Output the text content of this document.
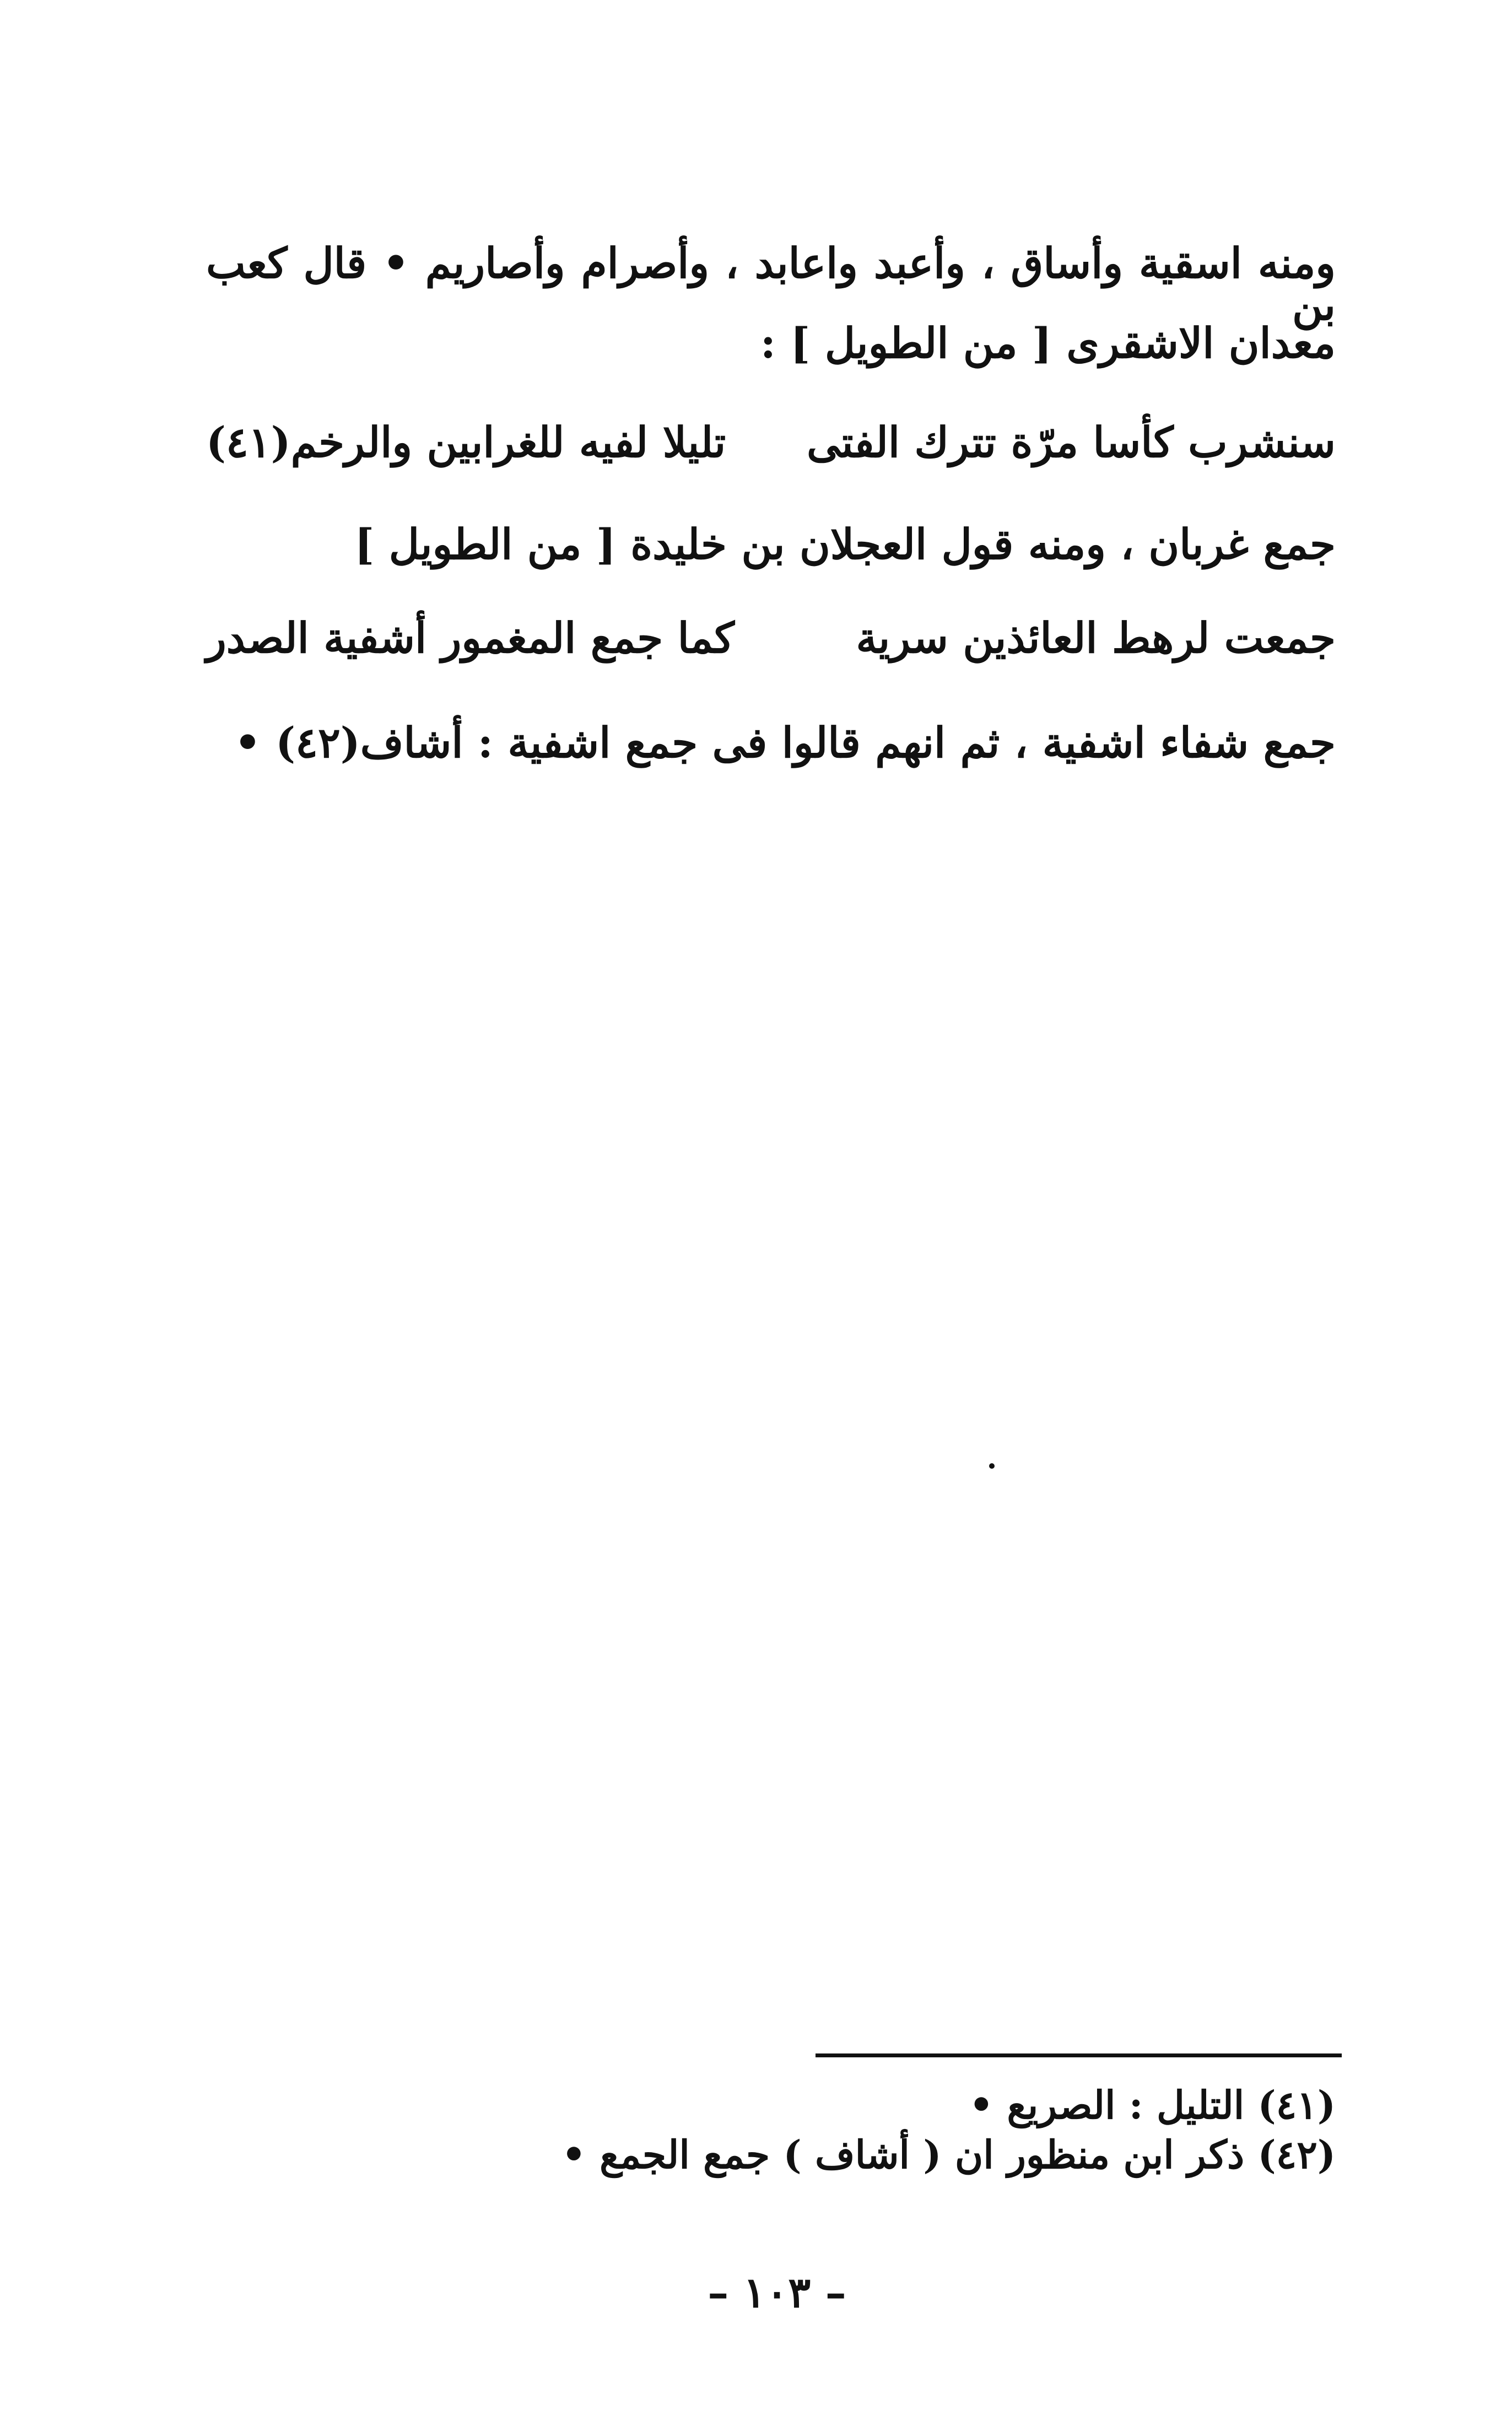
ومنه اسقية وأساق ، وأعبد واعابد ، وأصرام وأصاريم • قال كعب بن
معدان الاشقرى [ من الطويل ] :
سنشرب كأسا مرّة تترك الفتى
تليلا لفيه للغرابين والرخم(٤١)
جمع غربان ، ومنه قول العجلان بن خليدة [ من الطويل ]
جمعت لرهط العائذين سرية
كما جمع المغمور أشفية الصدر
جمع شفاء اشفية ، ثم انهم قالوا فى جمع اشفية : أشاف(٤٢) •
(٤١) التليل : الصريع •
(٤٢) ذكر ابن منظور ان ( أشاف ) جمع الجمع •
– ١٠٣ –
